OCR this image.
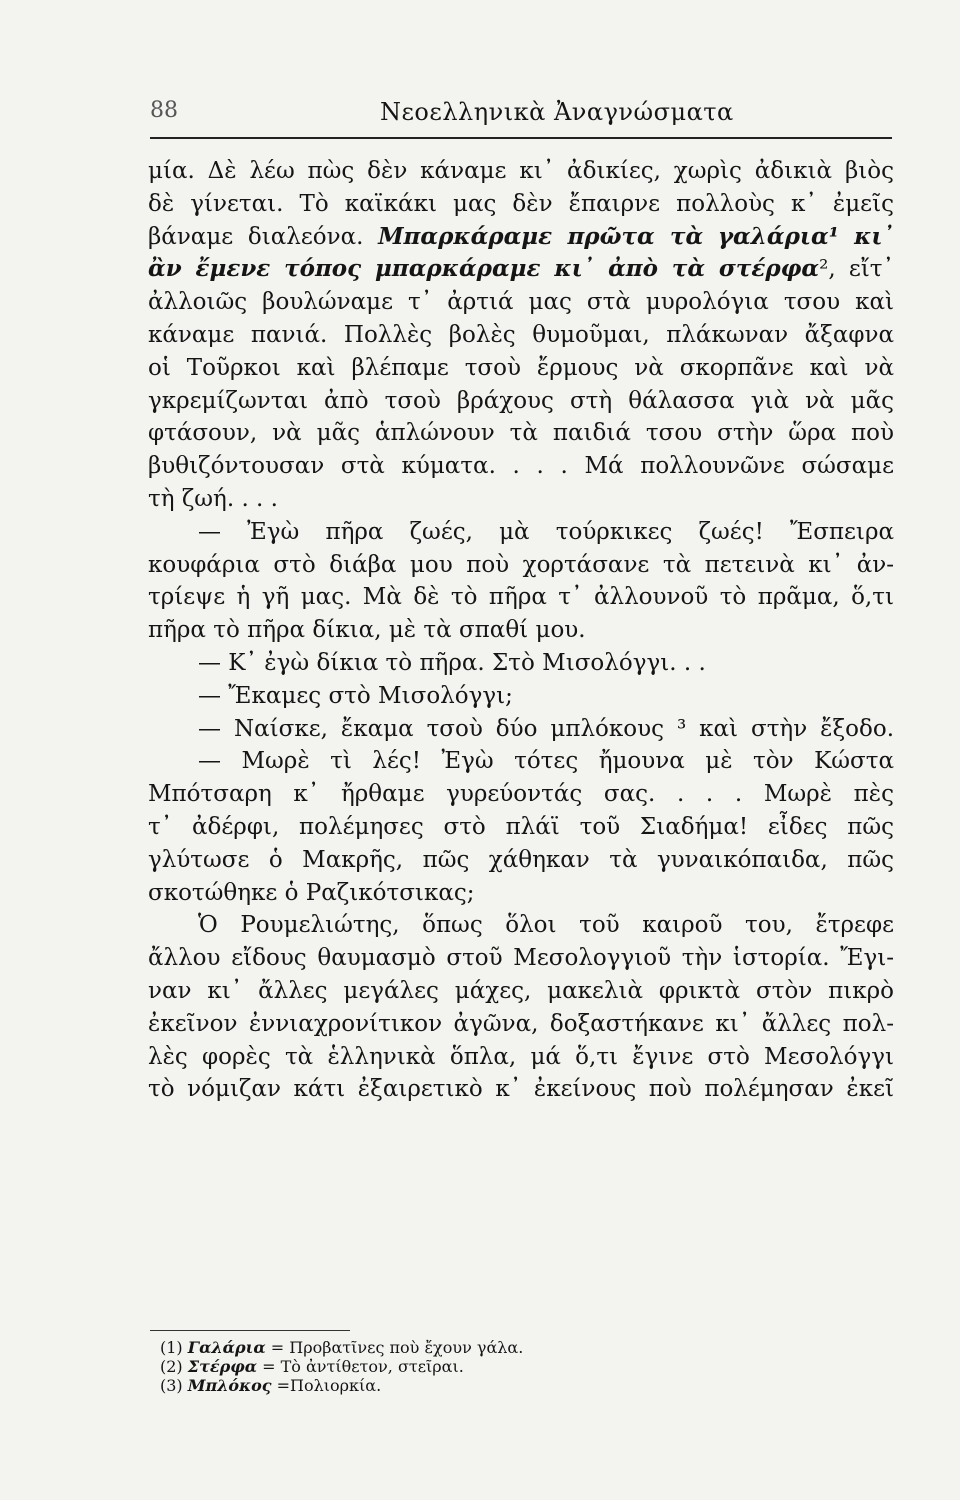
88	Νεοελληνικὰ Ἀναγνώσματα
μία. Δὲ λέω πὼς δὲν κάναμε κι᾽ ἀδικίες, χωρὶς ἀδικιὰ βιὸς
δὲ γίνεται. Τὸ καϊκάκι μας δὲν ἔπαιρνε πολλοὺς κ᾽ ἐμεῖς
βάναμε διαλεόνα. Μπαρκάραμε πρῶτα τὰ γαλάρια¹ κι᾽
ἂν ἔμενε τόπος μπαρκάραμε κι᾽ ἀπὸ τὰ στέρφα², εἴτ᾽
ἀλλοιῶς βουλώναμε τ᾽ ἀρτιά μας στὰ μυρολόγια τσου καὶ
κάναμε πανιά. Πολλὲς βολὲς θυμοῦμαι, πλάκωναν ἄξαφνα
οἱ Τοῦρκοι καὶ βλέπαμε τσοὺ ἔρμους νὰ σκορπᾶνε καὶ νὰ
γκρεμίζωνται ἀπὸ τσοὺ βράχους στὴ θάλασσα γιὰ νὰ μᾶς
φτάσουν, νὰ μᾶς ἁπλώνουν τὰ παιδιά τσου στὴν ὥρα ποὺ
βυθιζόντουσαν στὰ κύματα. . . . Μά πολλουνῶνε σώσαμε
τὴ ζωή. . . .
— Ἐγὼ πῆρα ζωές, μὰ τούρκικες ζωές! Ἔσπειρα
κουφάρια στὸ διάβα μου ποὺ χορτάσανε τὰ πετεινὰ κι᾽ ἀν-
τρίεψε ἡ γῆ μας. Μὰ δὲ τὸ πῆρα τ᾽ ἀλλουνοῦ τὸ πρᾶμα, ὅ,τι
πῆρα τὸ πῆρα δίκια, μὲ τὰ σπαθί μου.
— Κ᾽ ἐγὼ δίκια τὸ πῆρα. Στὸ Μισολόγγι. . .
— Ἔκαμες στὸ Μισολόγγι;
— Ναίσκε, ἔκαμα τσοὺ δύο μπλόκους ³ καὶ στὴν ἔξοδο.
— Μωρὲ τὶ λές! Ἐγὼ τότες ἤμουνα μὲ τὸν Κώστα
Μπότσαρη κ᾽ ἤρθαμε γυρεύοντάς σας. . . . Μωρὲ πὲς
τ᾽ ἀδέρφι, πολέμησες στὸ πλάϊ τοῦ Σιαδήμα! εἶδες πῶς
γλύτωσε ὁ Μακρῆς, πῶς χάθηκαν τὰ γυναικόπαιδα, πῶς
σκοτώθηκε ὁ Ραζικότσικας;
Ὁ Ρουμελιώτης, ὅπως ὅλοι τοῦ καιροῦ του, ἔτρεφε
ἄλλου εἴδους θαυμασμὸ στοῦ Μεσολογγιοῦ τὴν ἱστορία. Ἔγι-
ναν κι᾽ ἄλλες μεγάλες μάχες, μακελιὰ φρικτὰ στὸν πικρὸ
ἐκεῖνον ἐννιαχρονίτικον ἀγῶνα, δοξαστήκανε κι᾽ ἄλλες πολ-
λὲς φορὲς τὰ ἑλληνικὰ ὅπλα, μά ὅ,τι ἔγινε στὸ Μεσολόγγι
τὸ νόμιζαν κάτι ἐξαιρετικὸ κ᾽ ἐκείνους ποὺ πολέμησαν ἐκεῖ
(1) Γαλάρια = Προβατῖνες ποὺ ἔχουν γάλα.
(2) Στέρφα = Τὸ ἀντίθετον, στεῖραι.
(3) Μπλόκος =Πολιορκία.
